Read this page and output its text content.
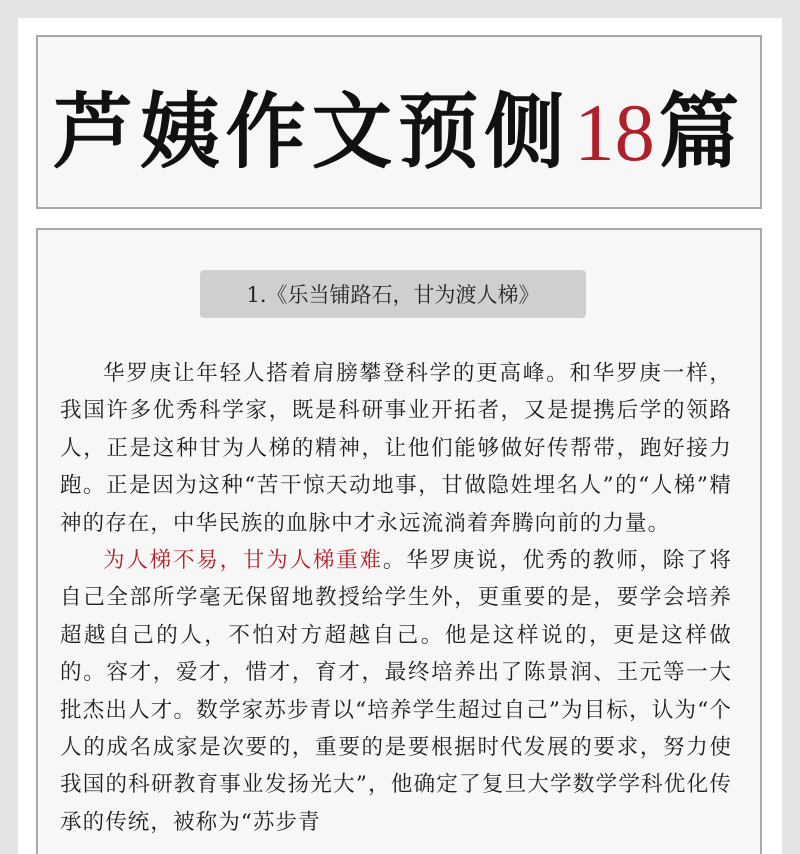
芦姨作文预侧18篇
1.《乐当铺路石，甘为渡人梯》

华罗庚让年轻人搭着肩膀攀登科学的更高峰。和华罗庚一样，我国许多优秀科学家，既是科研事业开拓者，又是提携后学的领路人，正是这种甘为人梯的精神，让他们能够做好传帮带，跑好接力跑。正是因为这种“苦干惊天动地事，甘做隐姓埋名人”的“人梯”精神的存在，中华民族的血脉中才永远流淌着奔腾向前的力量。

为人梯不易，甘为人梯重难。华罗庚说，优秀的教师，除了将自己全部所学毫无保留地教授给学生外，更重要的是，要学会培养超越自己的人，不怕对方超越自己。他是这样说的，更是这样做的。容才，爱才，惜才，育才，最终培养出了陈景润、王元等一大批杰出人才。数学家苏步青以“培养学生超过自己”为目标，认为“个人的成名成家是次要的，重要的是要根据时代发展的要求，努力使我国的科研教育事业发扬光大”，他确定了复旦大学数学学科优化传承的传统，被称为“苏步青
